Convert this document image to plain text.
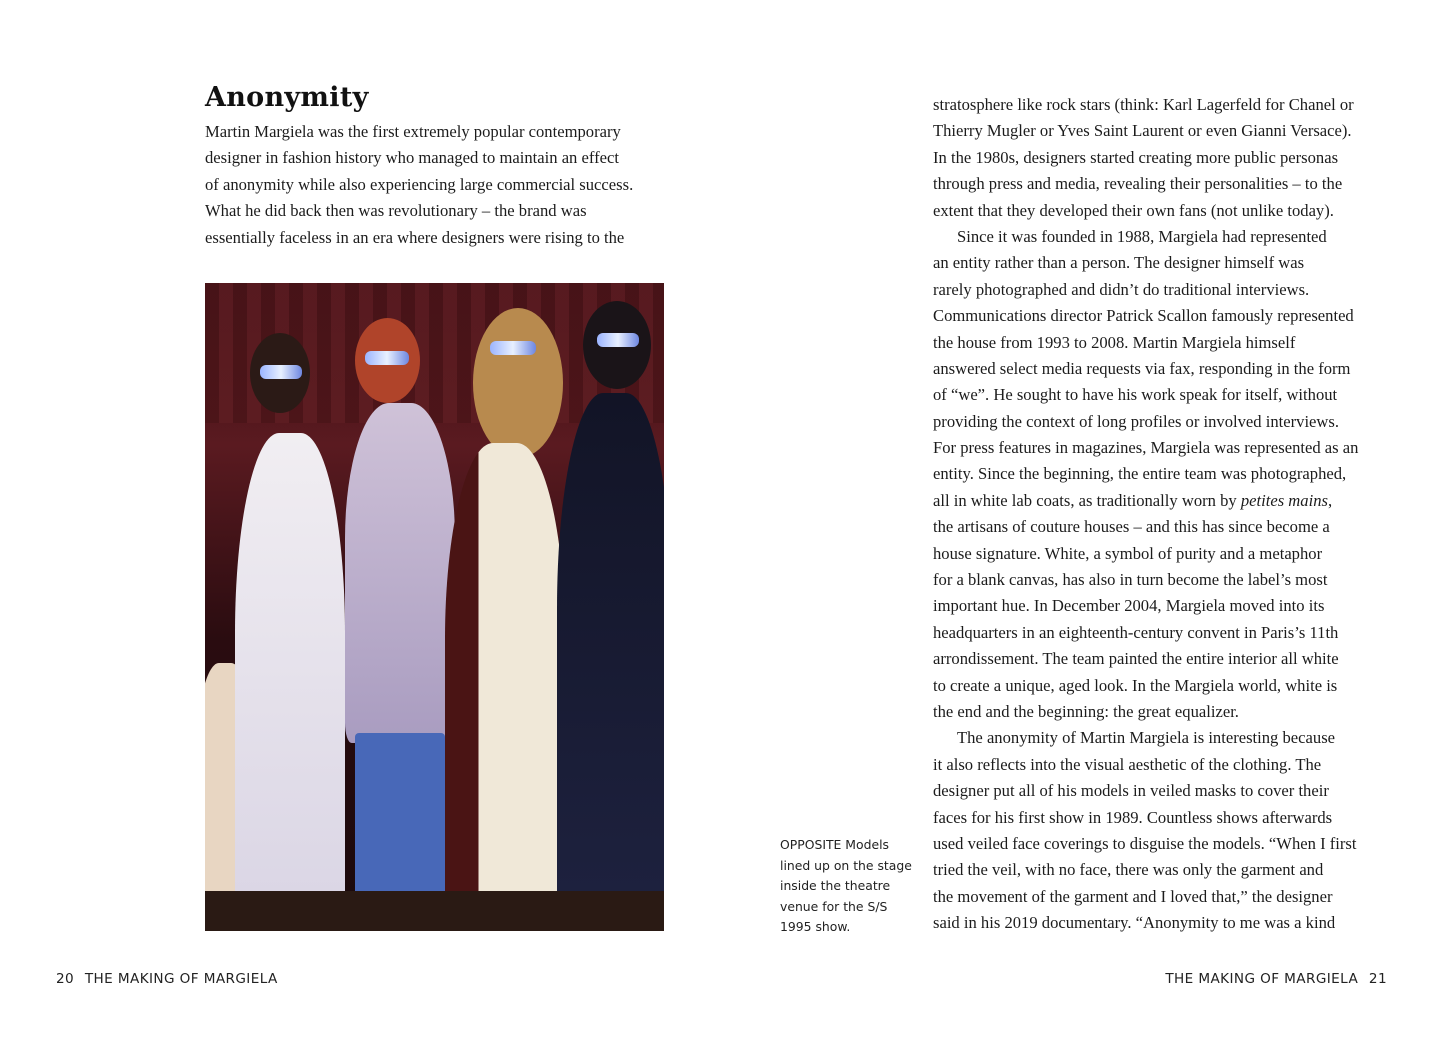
Anonymity
Martin Margiela was the first extremely popular contemporary
designer in fashion history who managed to maintain an effect
of anonymity while also experiencing large commercial success.
What he did back then was revolutionary – the brand was
essentially faceless in an era where designers were rising to the
OPPOSITE Models
lined up on the stage
inside the theatre
venue for the S/S
1995 show.
20 THE MAKING OF MARGIELA
stratosphere like rock stars (think: Karl Lagerfeld for Chanel or
Thierry Mugler or Yves Saint Laurent or even Gianni Versace).
In the 1980s, designers started creating more public personas
through press and media, revealing their personalities – to the
extent that they developed their own fans (not unlike today).
Since it was founded in 1988, Margiela had represented
an entity rather than a person. The designer himself was
rarely photographed and didn’t do traditional interviews.
Communications director Patrick Scallon famously represented
the house from 1993 to 2008. Martin Margiela himself
answered select media requests via fax, responding in the form
of “we”. He sought to have his work speak for itself, without
providing the context of long profiles or involved interviews.
For press features in magazines, Margiela was represented as an
entity. Since the beginning, the entire team was photographed,
all in white lab coats, as traditionally worn by petites mains,
the artisans of couture houses – and this has since become a
house signature. White, a symbol of purity and a metaphor
for a blank canvas, has also in turn become the label’s most
important hue. In December 2004, Margiela moved into its
headquarters in an eighteenth-century convent in Paris’s 11th
arrondissement. The team painted the entire interior all white
to create a unique, aged look. In the Margiela world, white is
the end and the beginning: the great equalizer.
The anonymity of Martin Margiela is interesting because
it also reflects into the visual aesthetic of the clothing. The
designer put all of his models in veiled masks to cover their
faces for his first show in 1989. Countless shows afterwards
used veiled face coverings to disguise the models. “When I first
tried the veil, with no face, there was only the garment and
the movement of the garment and I loved that,” the designer
said in his 2019 documentary. “Anonymity to me was a kind
THE MAKING OF MARGIELA 21
